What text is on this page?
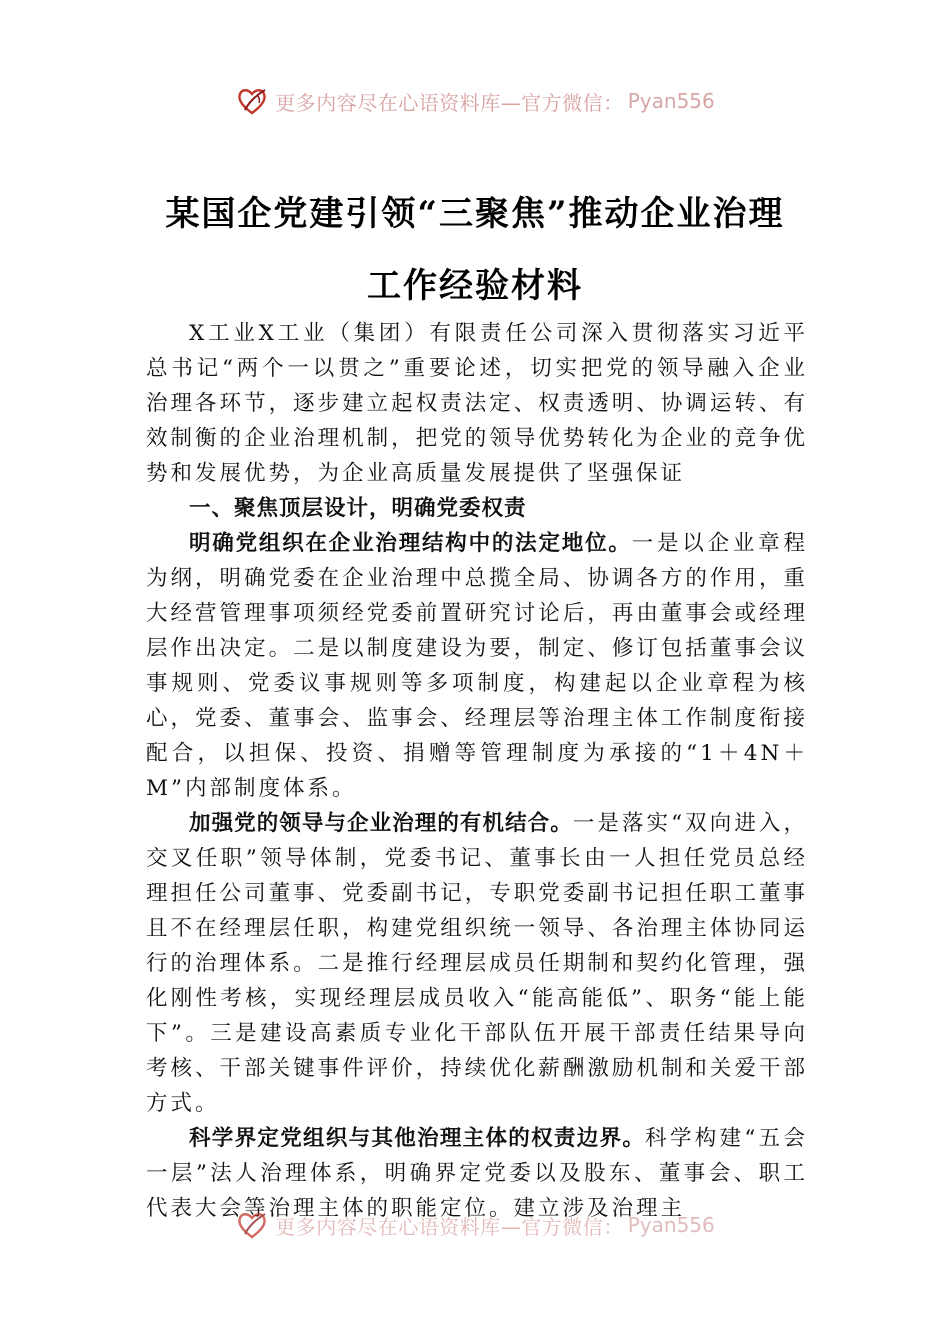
更多内容尽在心语资料库—官方微信： Pyan556
某国企党建引领“三聚焦”推动企业治理
工作经验材料

X工业X工业（集团）有限责任公司深入贯彻落实习近平总书记“两个一以贯之”重要论述，切实把党的领导融入企业治理各环节，逐步建立起权责法定、权责透明、协调运转、有效制衡的企业治理机制，把党的领导优势转化为企业的竞争优势和发展优势，为企业高质量发展提供了坚强保证

一、聚焦顶层设计，明确党委权责

明确党组织在企业治理结构中的法定地位。一是以企业章程为纲，明确党委在企业治理中总揽全局、协调各方的作用，重大经营管理事项须经党委前置研究讨论后，再由董事会或经理层作出决定。二是以制度建设为要，制定、修订包括董事会议事规则、党委议事规则等多项制度，构建起以企业章程为核心，党委、董事会、监事会、经理层等治理主体工作制度衔接配合，以担保、投资、捐赠等管理制度为承接的“1＋4N＋M”内部制度体系。

加强党的领导与企业治理的有机结合。一是落实“双向进入，交叉任职”领导体制，党委书记、董事长由一人担任党员总经理担任公司董事、党委副书记，专职党委副书记担任职工董事且不在经理层任职，构建党组织统一领导、各治理主体协同运行的治理体系。二是推行经理层成员任期制和契约化管理，强化刚性考核，实现经理层成员收入“能高能低”、职务“能上能下”。三是建设高素质专业化干部队伍开展干部责任结果导向考核、干部关键事件评价，持续优化薪酬激励机制和关爱干部方式。

科学界定党组织与其他治理主体的权责边界。科学构建“五会一层”法人治理体系，明确界定党委以及股东、董事会、职工代表大会等治理主体的职能定位。建立涉及治理主

更多内容尽在心语资料库—官方微信： Pyan556
